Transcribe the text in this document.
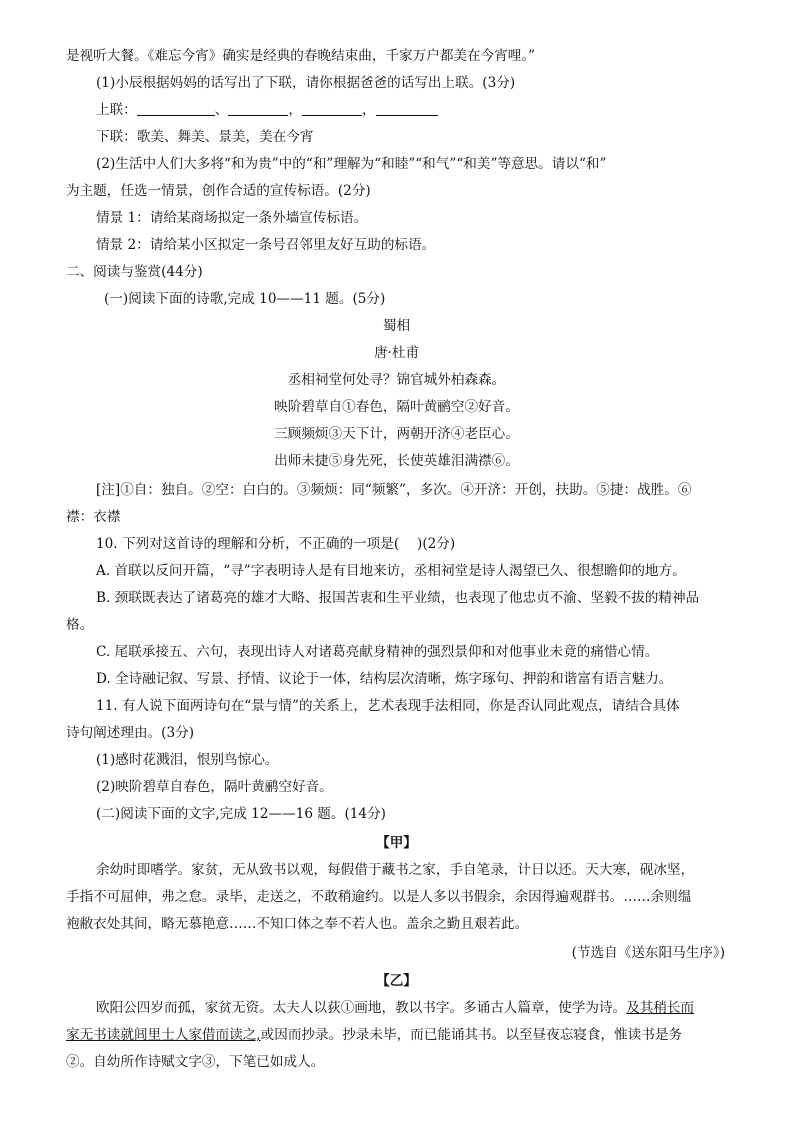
是视听大餐。《难忘今宵》确实是经典的春晚结束曲，千家万户都美在今宵哩。”
(1)小辰根据妈妈的话写出了下联，请你根据爸爸的话写出上联。(3分)
上联：	、	，	，
下联：歌美、舞美、景美，美在今宵
(2)生活中人们大多将“和为贵”中的“和”理解为“和睦”“和气”“和美”等意思。请以“和”
为主题，任选一情景，创作合适的宣传标语。(2分)
情景 1：请给某商场拟定一条外墙宣传标语。
情景 2：请给某小区拟定一条号召邻里友好互助的标语。
二、阅读与鉴赏(44分)
(一)阅读下面的诗歌,完成 10——11 题。(5分)
蜀相
唐·杜甫
丞相祠堂何处寻？锦官城外柏森森。
映阶碧草自①春色，隔叶黄鹂空②好音。
三顾频烦③天下计，两朝开济④老臣心。
出师未捷⑤身先死，长使英雄泪满襟⑥。
[注]①自：独自。②空：白白的。③频烦：同“频繁”，多次。④开济：开创，扶助。⑤捷：战胜。⑥
襟：衣襟
10. 下列对这首诗的理解和分析，不正确的一项是(　 )(2分)
A. 首联以反问开篇，“寻”字表明诗人是有目地来访，丞相祠堂是诗人渴望已久、很想瞻仰的地方。
B. 颈联既表达了诸葛亮的雄才大略、报国苦衷和生平业绩，也表现了他忠贞不渝、坚毅不拔的精神品
格。
C. 尾联承接五、六句，表现出诗人对诸葛亮献身精神的强烈景仰和对他事业未竟的痛惜心情。
D. 全诗融记叙、写景、抒情、议论于一体，结构层次清晰，炼字琢句、押韵和谐富有语言魅力。
11. 有人说下面两诗句在“景与情”的关系上，艺术表现手法相同，你是否认同此观点，请结合具体
诗句阐述理由。(3分)
(1)感时花溅泪，恨别鸟惊心。
(2)映阶碧草自春色，隔叶黄鹂空好音。
(二)阅读下面的文字,完成 12——16 题。(14分)
【甲】
余幼时即嗜学。家贫，无从致书以观，每假借于藏书之家，手自笔录，计日以还。天大寒，砚冰坚，
手指不可屈伸，弗之怠。录毕，走送之，不敢稍逾约。以是人多以书假余，余因得遍观群书。……余则缊
袍敝衣处其间，略无慕艳意……不知口体之奉不若人也。盖余之勤且艰若此。
(节选自《送东阳马生序》)
【乙】
欧阳公四岁而孤，家贫无资。太夫人以荻①画地，教以书字。多诵古人篇章，使学为诗。及其稍长而
家无书读就闾里士人家借而读之,或因而抄录。抄录未毕，而已能诵其书。以至昼夜忘寝食，惟读书是务
②。自幼所作诗赋文字③，下笔已如成人。
